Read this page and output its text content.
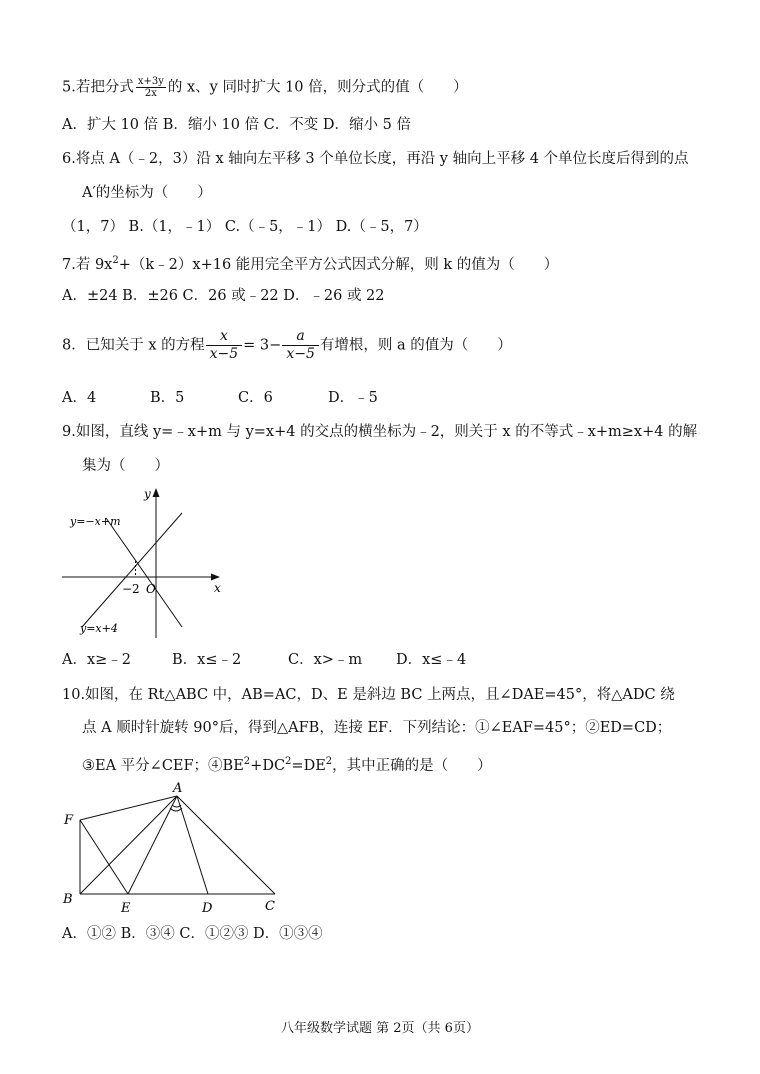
5.若把分式 $\frac{x+3y}{2x}$ 的 x、y 同时扩大 10 倍，则分式的值（　　）
A．扩大 10 倍 B．缩小 10 倍 C．不变 D．缩小 5 倍
6.将点 A（﹣2，3）沿 x 轴向左平移 3 个单位长度，再沿 y 轴向上平移 4 个单位长度后得到的点
A′的坐标为（　　）
（1，7） B.（1，﹣1） C.（﹣5，﹣1） D.（﹣5，7）
7.若 $9x^2+(k﹣2)x+16$ 能用完全平方公式因式分解，则 k 的值为（　　）
A．±24 B．±26 C．26 或﹣22 D．﹣26 或 22
8．已知关于 x 的方程 $\frac{x}{x-5} = 3- \frac{a}{x-5}$ 有增根，则 a 的值为（　　）
A．4	B．5	C．6	D．﹣5
9.如图，直线 y=﹣x+m 与 y=x+4 的交点的横坐标为﹣2，则关于 x 的不等式﹣x+m≥x+4 的解
集为（　　）
y
x
O
−2
y=−x+m
y=x+4
A．x≥﹣2	B．x≤﹣2	C．x>﹣m D．x≤﹣4
10.如图，在 Rt△ABC 中，AB=AC，D、E 是斜边 BC 上两点，且∠DAE=45°，将△ADC 绕
点 A 顺时针旋转 90°后，得到△AFB，连接 EF．下列结论：①∠EAF=45°；②ED=CD；
③EA 平分∠CEF；$④BE^2+DC^2=DE^2$，其中正确的是（　　）
A
F
B
E	D	C
A．①② B．③④ C．①②③ D．①③④
八年级数学试题 第 2页（共 6页）
